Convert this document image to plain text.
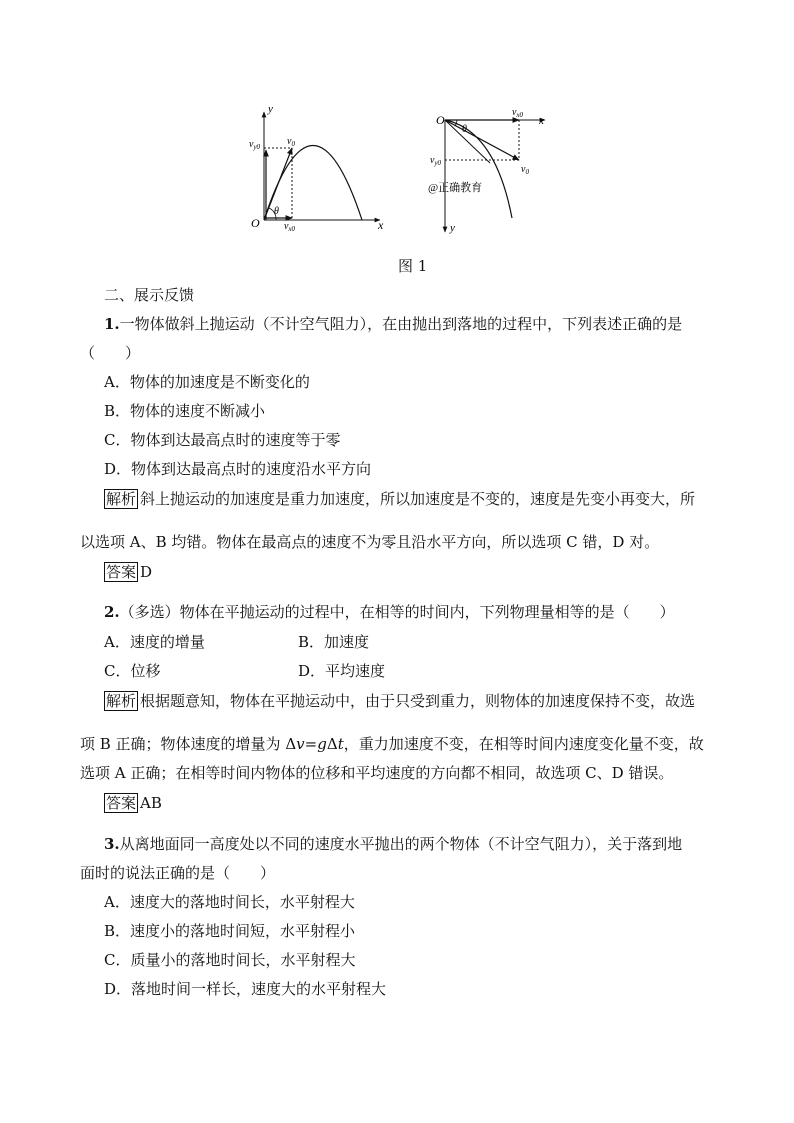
y
x
O
$v_0$
$v_{y0}$
$v_{x0}$
θ
O	x
y
$v_{x0}$
$v_{y0}$
$v_0$
θ
@正确教育
图 1
二、展示反馈
1.一物体做斜上抛运动（不计空气阻力），在由抛出到落地的过程中，下列表述正确的是
（　　）
A．物体的加速度是不断变化的
B．物体的速度不断减小
C．物体到达最高点时的速度等于零
D．物体到达最高点时的速度沿水平方向
解析 斜上抛运动的加速度是重力加速度，所以加速度是不变的，速度是先变小再变大，所
以选项 A、B 均错。物体在最高点的速度不为零且沿水平方向，所以选项 C 错，D 对。
答案 D
2.（多选）物体在平抛运动的过程中，在相等的时间内，下列物理量相等的是（　　）
A．速度的增量	B．加速度
C．位移	D．平均速度
解析 根据题意知，物体在平抛运动中，由于只受到重力，则物体的加速度保持不变，故选
项 B 正确；物体速度的增量为 Δv=gΔt，重力加速度不变，在相等时间内速度变化量不变，故
选项 A 正确；在相等时间内物体的位移和平均速度的方向都不相同，故选项 C、D 错误。
答案 AB
3.从离地面同一高度处以不同的速度水平抛出的两个物体（不计空气阻力），关于落到地
面时的说法正确的是（　　）
A．速度大的落地时间长，水平射程大
B．速度小的落地时间短，水平射程小
C．质量小的落地时间长，水平射程大
D．落地时间一样长，速度大的水平射程大
